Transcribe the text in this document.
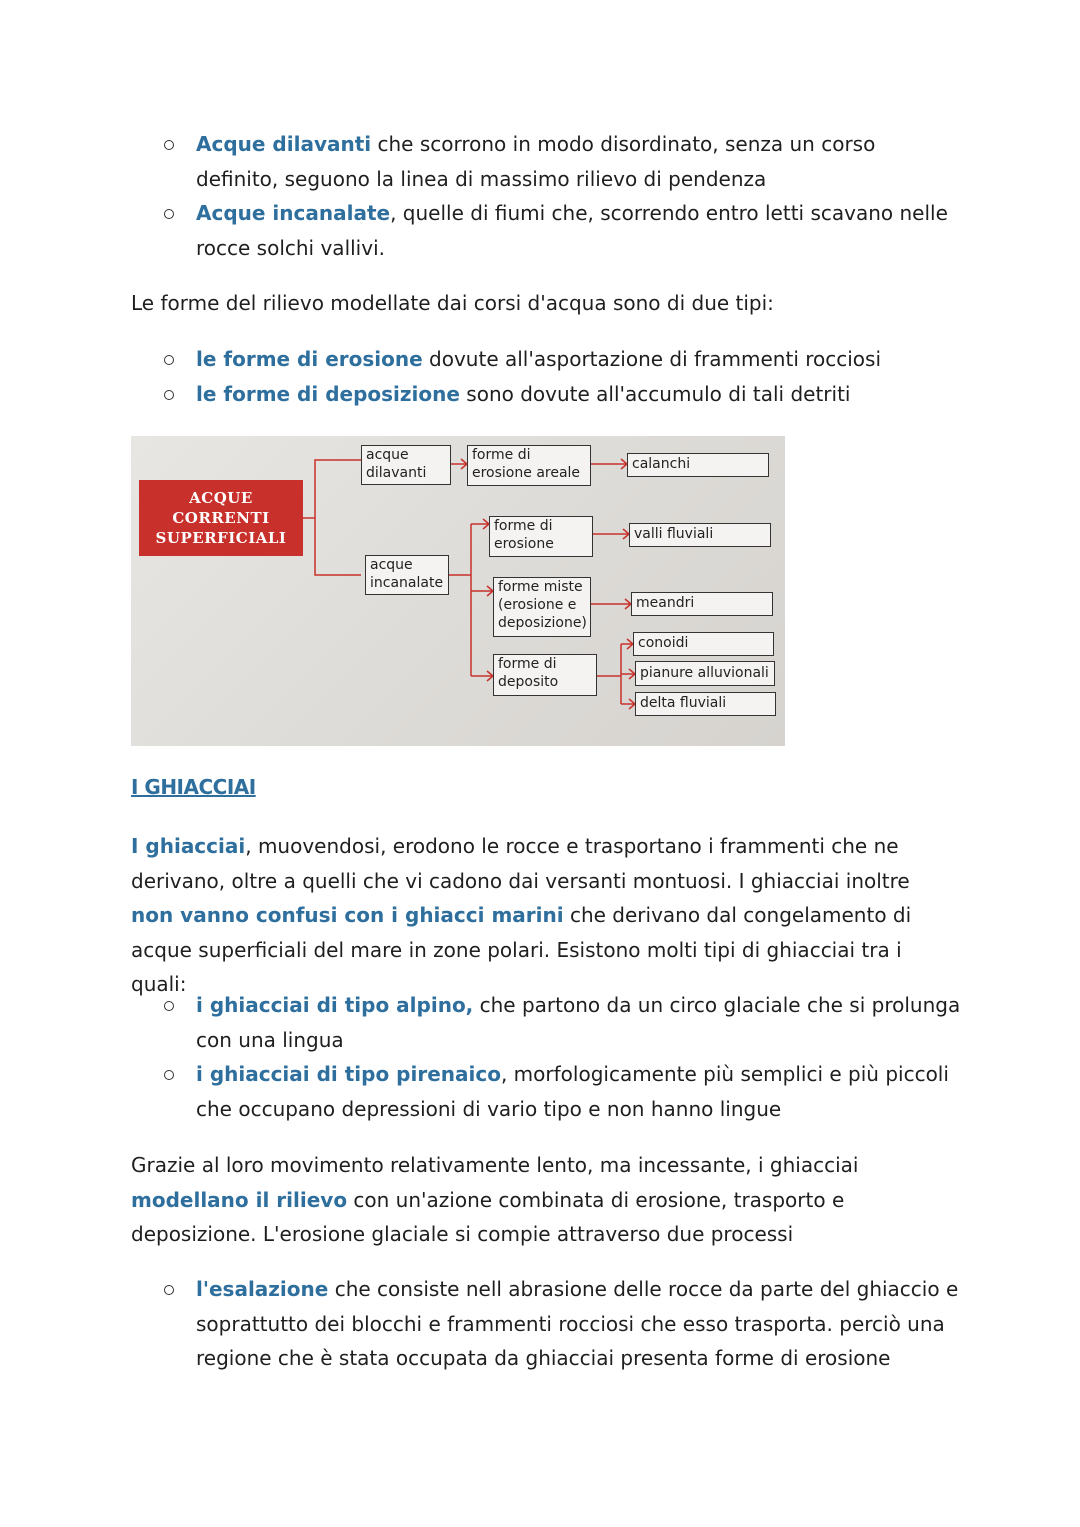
Acque dilavanti che scorrono in modo disordinato, senza un corso definito, seguono la linea di massimo rilievo di pendenza
Acque incanalate, quelle di fiumi che, scorrendo entro letti scavano nelle rocce solchi vallivi.

Le forme del rilievo modellate dai corsi d'acqua sono di due tipi:

le forme di erosione dovute all'asportazione di frammenti rocciosi
le forme di deposizione sono dovute all'accumulo di tali detriti
ACQUE
CORRENTI
SUPERFICIALI
acque
dilavanti
acque
incanalate
forme di
erosione areale
forme di
erosione
forme miste
(erosione e
deposizione)
forme di
deposito
calanchi
valli fluviali
meandri
conoidi
pianure alluvionali
delta fluviali
I GHIACCIAI

I ghiacciai, muovendosi, erodono le rocce e trasportano i frammenti che ne derivano, oltre a quelli che vi cadono dai versanti montuosi. I ghiacciai inoltre non vanno confusi con i ghiacci marini che derivano dal congelamento di acque superficiali del mare in zone polari. Esistono molti tipi di ghiacciai tra i quali:

i ghiacciai di tipo alpino, che partono da un circo glaciale che si prolunga con una lingua
i ghiacciai di tipo pirenaico, morfologicamente più semplici e più piccoli che occupano depressioni di vario tipo e non hanno lingue

Grazie al loro movimento relativamente lento, ma incessante, i ghiacciai modellano il rilievo con un'azione combinata di erosione, trasporto e deposizione. L'erosione glaciale si compie attraverso due processi

l'esalazione che consiste nell abrasione delle rocce da parte del ghiaccio e soprattutto dei blocchi e frammenti rocciosi che esso trasporta. perciò una regione che è stata occupata da ghiacciai presenta forme di erosione
